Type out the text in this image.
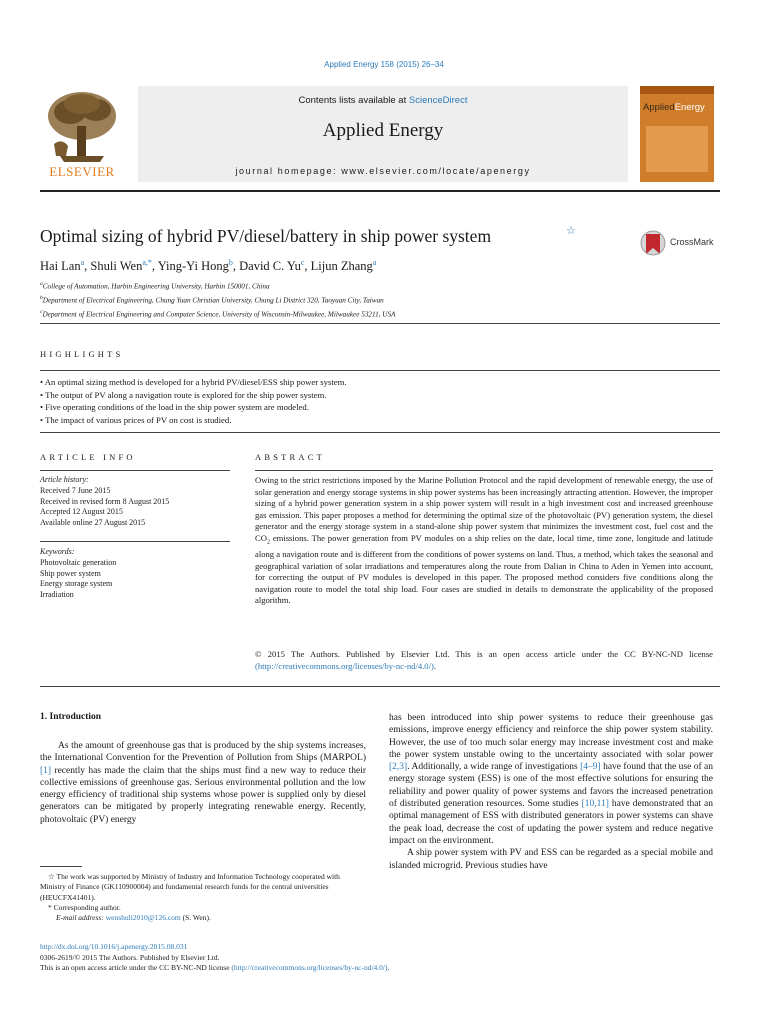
Applied Energy 158 (2015) 26–34
ELSEVIER
Contents lists available at ScienceDirect
Applied Energy
journal homepage: www.elsevier.com/locate/apenergy
AppliedEnergy
Optimal sizing of hybrid PV/diesel/battery in ship power system	☆
CrossMark
Hai Lan$^a$, Shuli Wen$^{a,*}$, Ying-Yi Hong$^b$, David C. Yu$^c$, Lijun Zhang$^a$
$^a$College of Automation, Harbin Engineering University, Harbin 150001, China
$^b$Department of Electrical Engineering, Chung Yuan Christian University, Chung Li District 320, Taoyuan City, Taiwan
$^c$Department of Electrical Engineering and Computer Science, University of Wisconsin-Milwaukee, Milwaukee 53211, USA
HIGHLIGHTS
• An optimal sizing method is developed for a hybrid PV/diesel/ESS ship power system.
• The output of PV along a navigation route is explored for the ship power system.
• Five operating conditions of the load in the ship power system are modeled.
• The impact of various prices of PV on cost is studied.
ARTICLE INFO
Article history:
Received 7 June 2015
Received in revised form 8 August 2015
Accepted 12 August 2015
Available online 27 August 2015
Keywords:
Photovoltaic generation
Ship power system
Energy storage system
Irradiation
ABSTRACT
Owing to the strict restrictions imposed by the Marine Pollution Protocol and the rapid development of renewable energy, the use of solar generation and energy storage systems in ship power systems has been increasingly attracting attention. However, the improper sizing of a hybrid power generation system in a ship power system will result in a high investment cost and increased greenhouse gas emission. This paper proposes a method for determining the optimal size of the photovoltaic (PV) generation system, the diesel generator and the energy storage system in a stand-alone ship power system that minimizes the investment cost, fuel cost and the $CO_2$ emissions. The power generation from PV modules on a ship relies on the date, local time, time zone, longitude and latitude along a navigation route and is different from the conditions of power systems on land. Thus, a method, which takes the seasonal and geographical variation of solar irradiations and temperatures along the route from Dalian in China to Aden in Yemen into account, for correcting the output of PV modules is developed in this paper. The proposed method considers five conditions along the navigation route to model the total ship load. Four cases are studied in details to demonstrate the applicability of the proposed algorithm.
© 2015 The Authors. Published by Elsevier Ltd. This is an open access article under the CC BY-NC-ND license (http://creativecommons.org/licenses/by-nc-nd/4.0/).
1. Introduction
As the amount of greenhouse gas that is produced by the ship systems increases, the International Convention for the Prevention of Pollution from Ships (MARPOL) [1] recently has made the claim that the ships must find a new way to reduce their collective emissions of greenhouse gas. Serious environmental pollution and the low energy efficiency of traditional ship systems whose power is supplied only by diesel generators can be mitigated by properly integrating renewable energy. Recently, photovoltaic (PV) energy

has been introduced into ship power systems to reduce their greenhouse gas emissions, improve energy efficiency and reinforce the ship power system stability. However, the use of too much solar energy may increase investment cost and make the power system unstable owing to the uncertainty associated with solar power [2,3]. Additionally, a wide range of investigations [4–9] have found that the use of an energy storage system (ESS) is one of the most effective solutions for ensuring the reliability and power quality of power systems and favors the increased penetration of distributed generation resources. Some studies [10,11] have demonstrated that an optimal management of ESS with distributed generators in power systems can shave the peak load, decrease the cost of updating the power system and reduce negative impact on the environment.

A ship power system with PV and ESS can be regarded as a special mobile and islanded microgrid. Previous studies have

☆ The work was supported by Ministry of Industry and Information Technology cooperated with Ministry of Finance (GK110900004) and fundamental research funds for the central universities (HEUCFX41401).
* Corresponding author.
E-mail address: wenshuli2010@126.com (S. Wen).
http://dx.doi.org/10.1016/j.apenergy.2015.08.031
0306-2619/© 2015 The Authors. Published by Elsevier Ltd.
This is an open access article under the CC BY-NC-ND license (http://creativecommons.org/licenses/by-nc-nd/4.0/).
